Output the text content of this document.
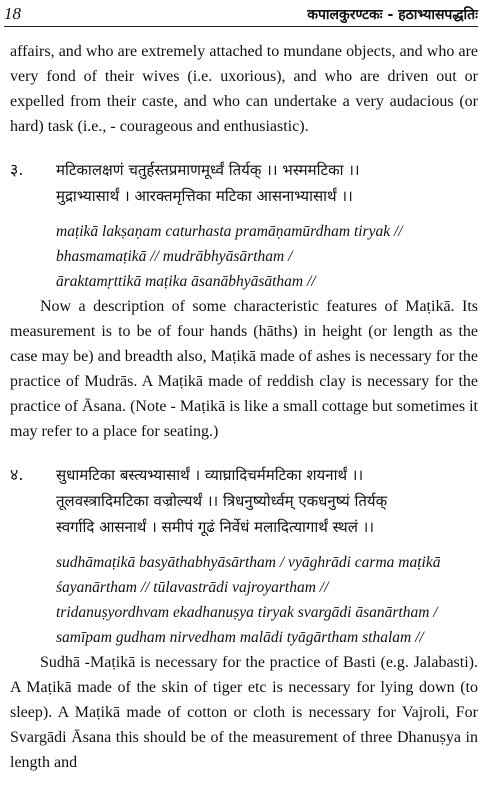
18	कपालकुरण्टकः - हठाभ्यासपद्धतिः

affairs, and who are extremely attached to mundane objects, and who are very fond of their wives (i.e. uxorious), and who are driven out or expelled from their caste, and who can undertake a very audacious (or hard) task (i.e., - courageous and enthusiastic).

३.	मटिकालक्षणं चतुर्हस्तप्रमाणमूर्ध्वं तिर्यक् ।। भस्ममटिका ।।
मुद्राभ्यासार्थं । आरक्तमृत्तिका मटिका आसनाभ्यासार्थं ।।
maṭikā lakṣaṇam caturhasta pramāṇamūrdham tiryak //
bhasmamaṭikā // mudrābhyāsārtham /
āraktamṛttikā maṭika āsanābhyāsātham //

Now a description of some characteristic features of Maṭikā. Its measurement is to be of four hands (hāths) in height (or length as the case may be) and breadth also, Maṭikā made of ashes is necessary for the practice of Mudrās. A Maṭikā made of reddish clay is necessary for the practice of Āsana. (Note - Maṭikā is like a small cottage but sometimes it may refer to a place for seating.)

४.	सुधामटिका बस्त्यभ्यासार्थं । व्याघ्रादिचर्ममटिका शयनार्थं ।।
तूलवस्त्रादिमटिका वज्रोल्यर्थं ।। त्रिधनुष्योर्ध्वम् एकधनुष्यं तिर्यक्
स्वर्गादि आसनार्थं । समीपं गूढं निर्वेधं मलादित्यागार्थं स्थलं ।।
sudhāmaṭikā basyāthabhyāsārtham / vyāghrādi carma maṭikā
śayanārtham // tūlavastrādi vajroyartham //
tridanuṣyordhvam ekadhanuṣya tiryak svargādi āsanārtham /
samīpam gudham nirvedham malādi tyāgārtham sthalam //

Sudhā -Maṭikā is necessary for the practice of Basti (e.g. Jalabasti). A Maṭikā made of the skin of tiger etc is necessary for lying down (to sleep). A Maṭikā made of cotton or cloth is necessary for Vajroli, For Svargādi Āsana this should be of the measurement of three Dhanuṣya in length and
